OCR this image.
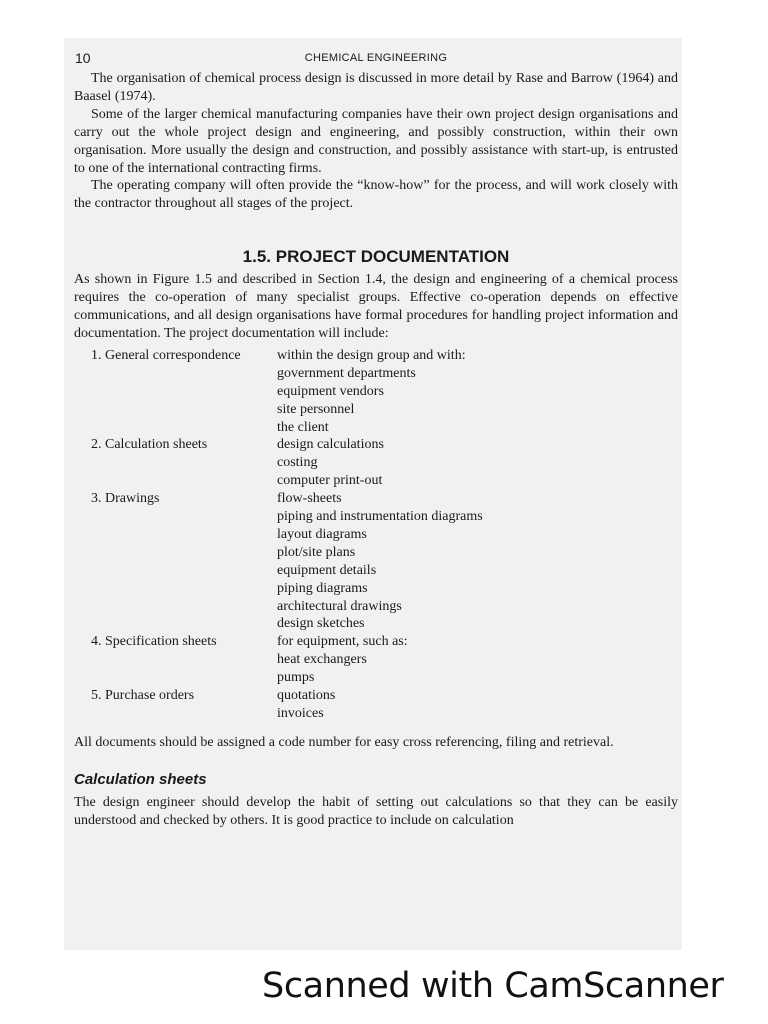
10	CHEMICAL ENGINEERING

The organisation of chemical process design is discussed in more detail by Rase and Barrow (1964) and Baasel (1974).

Some of the larger chemical manufacturing companies have their own project design organisations and carry out the whole project design and engineering, and possibly construction, within their own organisation. More usually the design and construction, and possibly assistance with start-up, is entrusted to one of the international contracting firms.

The operating company will often provide the “know-how” for the process, and will work closely with the contractor throughout all stages of the project.

1.5. PROJECT DOCUMENTATION

As shown in Figure 1.5 and described in Section 1.4, the design and engineering of a chemical process requires the co-operation of many specialist groups. Effective co-operation depends on effective communications, and all design organisations have formal procedures for handling project information and documentation. The project documentation will include:

1. General correspondence	within the design group and with:
government departments
equipment vendors
site personnel
the client
2. Calculation sheets	design calculations
costing
computer print-out
3. Drawings	flow-sheets
piping and instrumentation diagrams
layout diagrams
plot/site plans
equipment details
piping diagrams
architectural drawings
design sketches
4. Specification sheets	for equipment, such as:
heat exchangers
pumps
5. Purchase orders	quotations
invoices

All documents should be assigned a code number for easy cross referencing, filing and retrieval.

Calculation sheets

The design engineer should develop the habit of setting out calculations so that they can be easily understood and checked by others. It is good practice to include on calculation

Scanned with CamScanner
